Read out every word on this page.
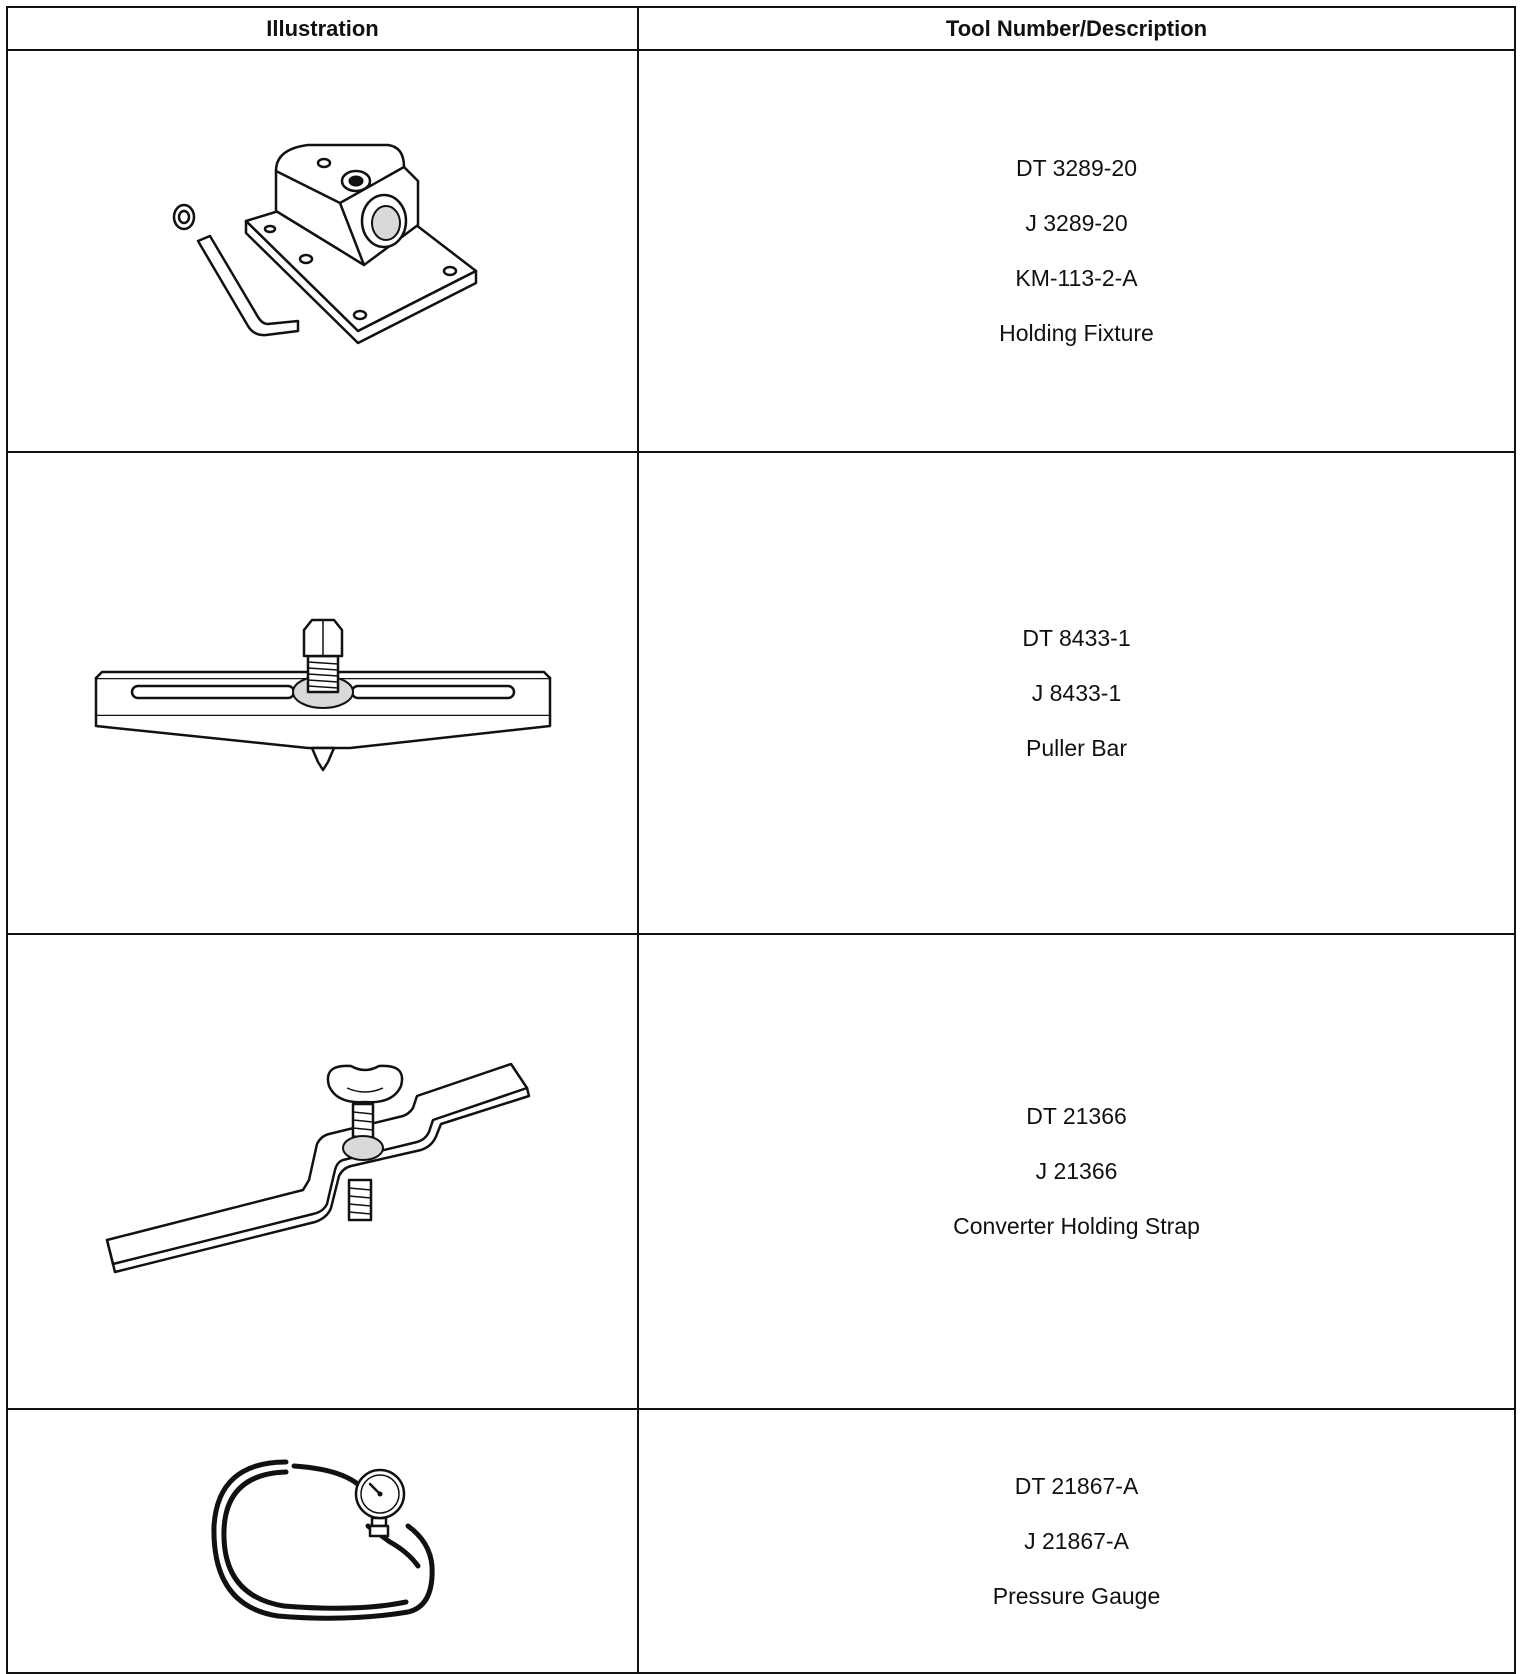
Illustration	Tool Number/Description

DT 3289-20
J 3289-20
KM-113-2-A
Holding Fixture

DT 8433-1
J 8433-1
Puller Bar

DT 21366
J 21366
Converter Holding Strap

DT 21867-A
J 21867-A
Pressure Gauge
